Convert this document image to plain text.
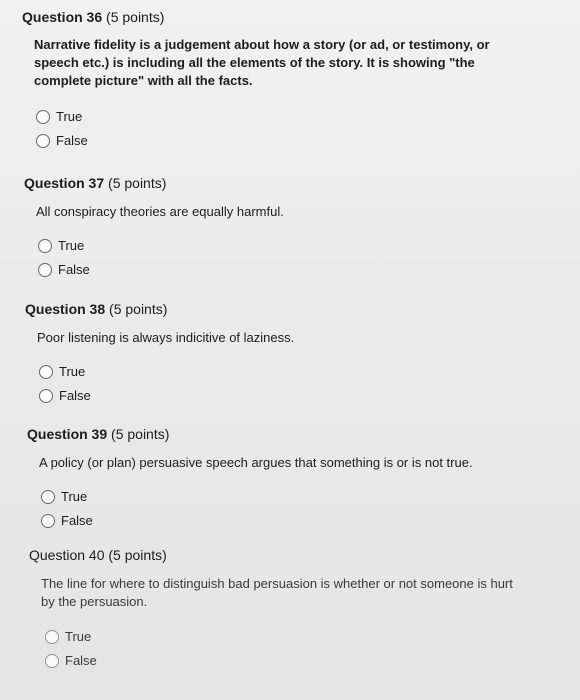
Question 36 (5 points)

Narrative fidelity is a judgement about how a story (or ad, or testimony, or speech etc.) is including all the elements of the story. It is showing "the complete picture" with all the facts.
True
False

Question 37 (5 points)

All conspiracy theories are equally harmful.
True
False

Question 38 (5 points)

Poor listening is always indicitive of laziness.
True
False

Question 39 (5 points)

A policy (or plan) persuasive speech argues that something is or is not true.
True
False

Question 40 (5 points)

The line for where to distinguish bad persuasion is whether or not someone is hurt by the persuasion.
True
False
